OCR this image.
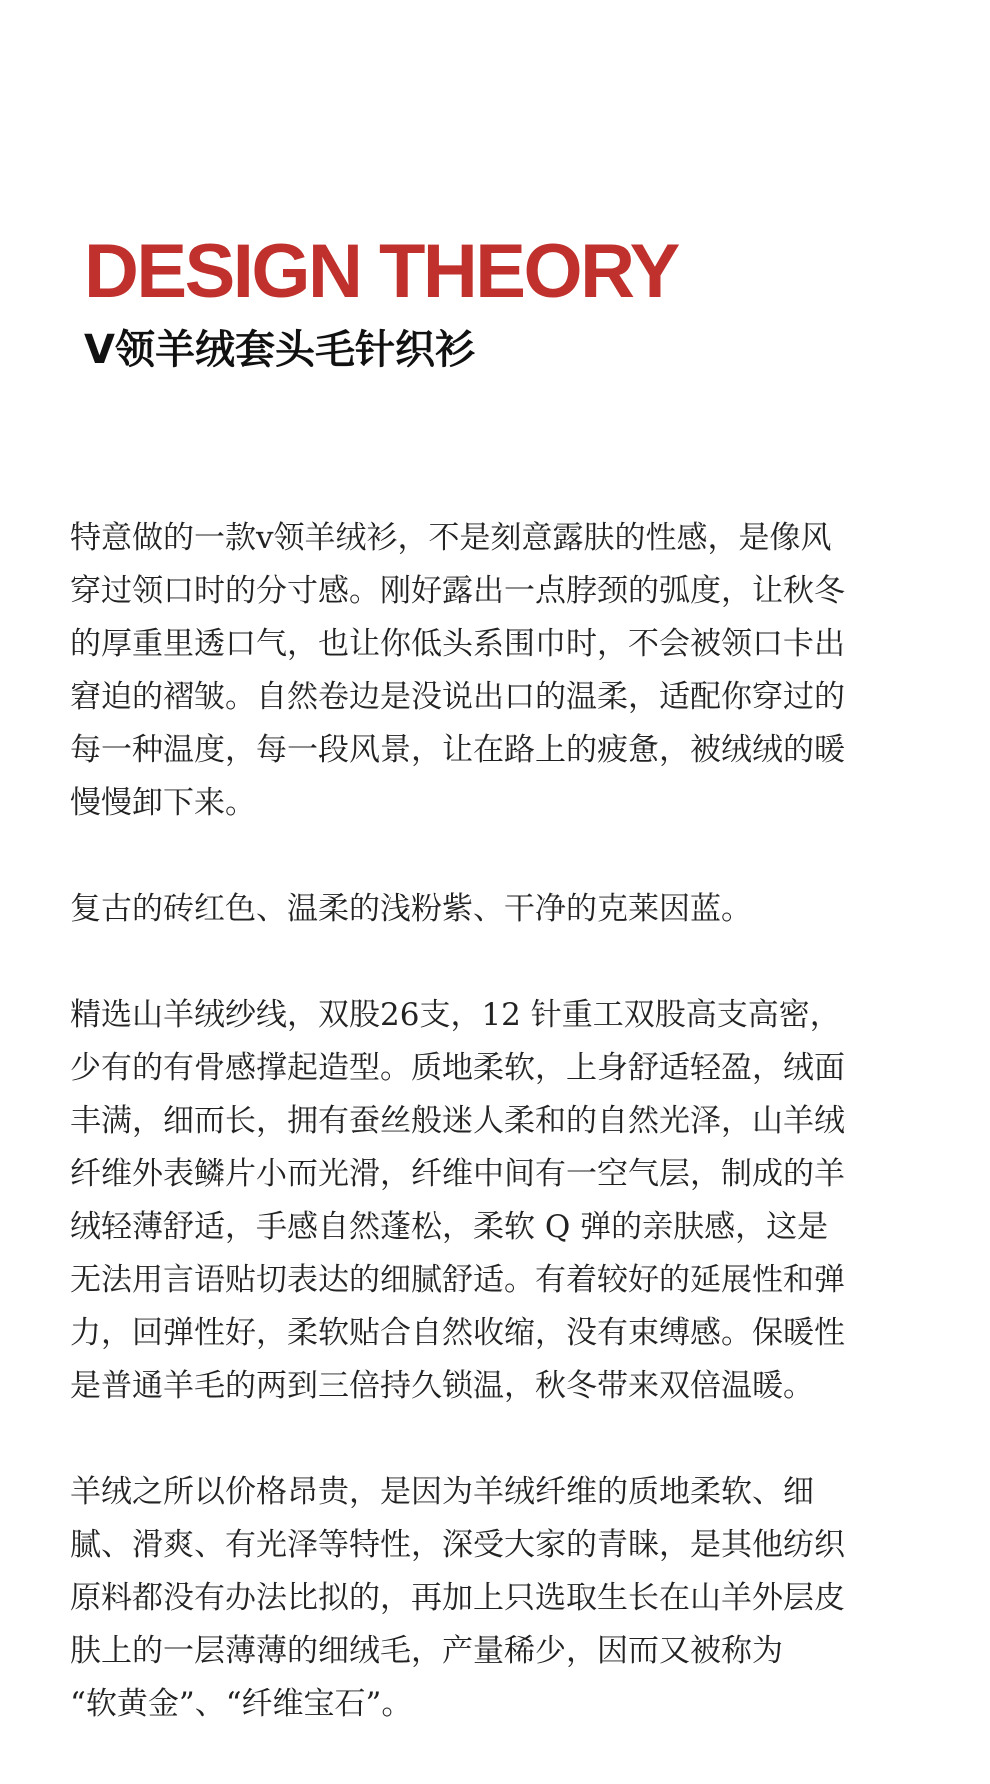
DESIGN THEORY
V领羊绒套头毛针织衫

特意做的一款v领羊绒衫，不是刻意露肤的性感，是像风
穿过领口时的分寸感。刚好露出一点脖颈的弧度，让秋冬
的厚重里透口气，也让你低头系围巾时，不会被领口卡出
窘迫的褶皱。自然卷边是没说出口的温柔，适配你穿过的
每一种温度，每一段风景，让在路上的疲惫，被绒绒的暖
慢慢卸下来。

复古的砖红色、温柔的浅粉紫、干净的克莱因蓝。

精选山羊绒纱线，双股26支，12 针重工双股高支高密，
少有的有骨感撑起造型。质地柔软，上身舒适轻盈，绒面
丰满，细而长，拥有蚕丝般迷人柔和的自然光泽，山羊绒
纤维外表鳞片小而光滑，纤维中间有一空气层，制成的羊
绒轻薄舒适，手感自然蓬松，柔软 Q 弹的亲肤感，这是
无法用言语贴切表达的细腻舒适。有着较好的延展性和弹
力，回弹性好，柔软贴合自然收缩，没有束缚感。保暖性
是普通羊毛的两到三倍持久锁温，秋冬带来双倍温暖。

羊绒之所以价格昂贵，是因为羊绒纤维的质地柔软、细
腻、滑爽、有光泽等特性，深受大家的青睐，是其他纺织
原料都没有办法比拟的，再加上只选取生长在山羊外层皮
肤上的一层薄薄的细绒毛，产量稀少，因而又被称为
“软黄金”、“纤维宝石”。
